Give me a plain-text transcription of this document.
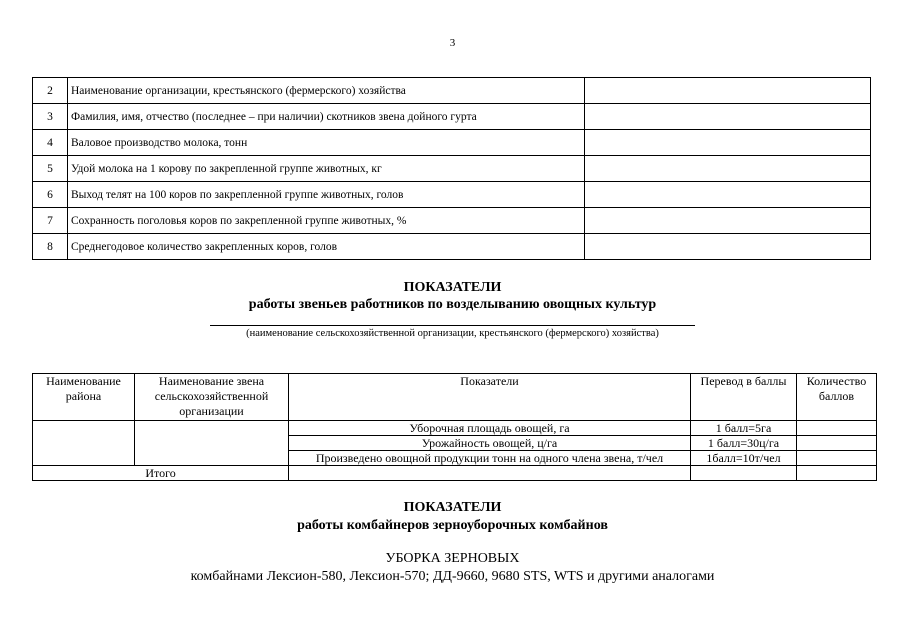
3
2	Наименование организации, крестьянского (фермерского) хозяйства	
3	Фамилия, имя, отчество (последнее – при наличии) скотников звена дойного гурта	
4	Валовое производство молока, тонн	
5	Удой молока на 1 корову по закрепленной группе животных, кг	
6	Выход телят на 100 коров по закрепленной группе животных, голов	
7	Сохранность поголовья коров по закрепленной группе животных, %	
8	Среднегодовое количество закрепленных коров, голов	
ПОКАЗАТЕЛИ
работы звеньев работников по возделыванию овощных культур
(наименование сельскохозяйственной организации, крестьянского (фермерского) хозяйства)
Наименование района	Наименование звена сельскохозяйственной организации	Показатели	Перевод в баллы	Количество баллов
		Уборочная площадь овощей, га	1 балл=5га	
		Урожайность овощей, ц/га	1 балл=30ц/га	
		Произведено овощной продукции тонн на одного члена звена, т/чел	1балл=10т/чел	
Итого				
ПОКАЗАТЕЛИ
работы комбайнеров зерноуборочных комбайнов
УБОРКА ЗЕРНОВЫХ
комбайнами Лексион-580, Лексион-570; ДД-9660, 9680 STS, WTS и другими аналогами
